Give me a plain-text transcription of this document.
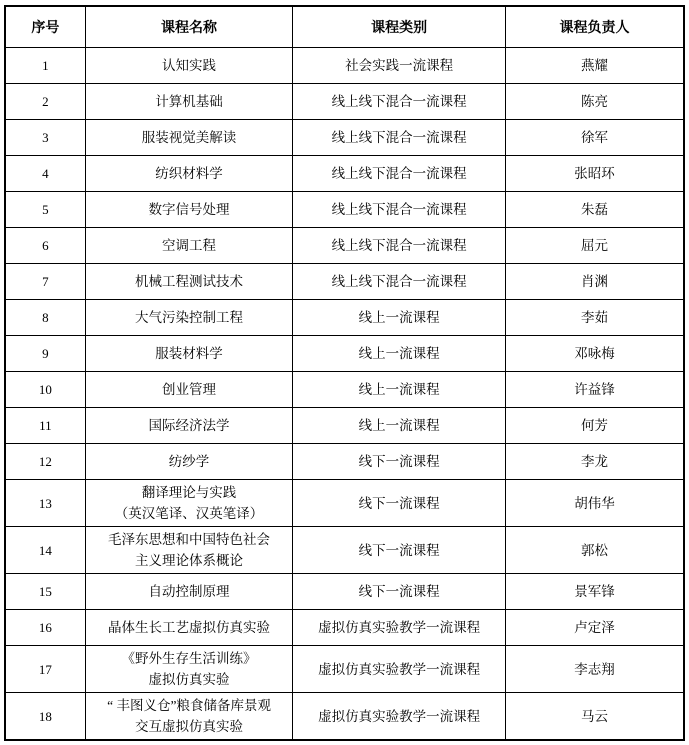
序号	课程名称	课程类别	课程负责人
1	认知实践	社会实践一流课程	燕耀
2	计算机基础	线上线下混合一流课程	陈亮
3	服装视觉美解读	线上线下混合一流课程	徐军
4	纺织材料学	线上线下混合一流课程	张昭环
5	数字信号处理	线上线下混合一流课程	朱磊
6	空调工程	线上线下混合一流课程	屈元
7	机械工程测试技术	线上线下混合一流课程	肖渊
8	大气污染控制工程	线上一流课程	李茹
9	服装材料学	线上一流课程	邓咏梅
10	创业管理	线上一流课程	许益锋
11	国际经济法学	线上一流课程	何芳
12	纺纱学	线下一流课程	李龙
13	翻译理论与实践
（英汉笔译、汉英笔译）	线下一流课程	胡伟华
14	毛泽东思想和中国特色社会
主义理论体系概论	线下一流课程	郭松
15	自动控制原理	线下一流课程	景军锋
16	晶体生长工艺虚拟仿真实验	虚拟仿真实验教学一流课程	卢定泽
17	《野外生存生活训练》
虚拟仿真实验	虚拟仿真实验教学一流课程	李志翔
18	“ 丰图义仓”粮食储备库景观
交互虚拟仿真实验	虚拟仿真实验教学一流课程	马云
